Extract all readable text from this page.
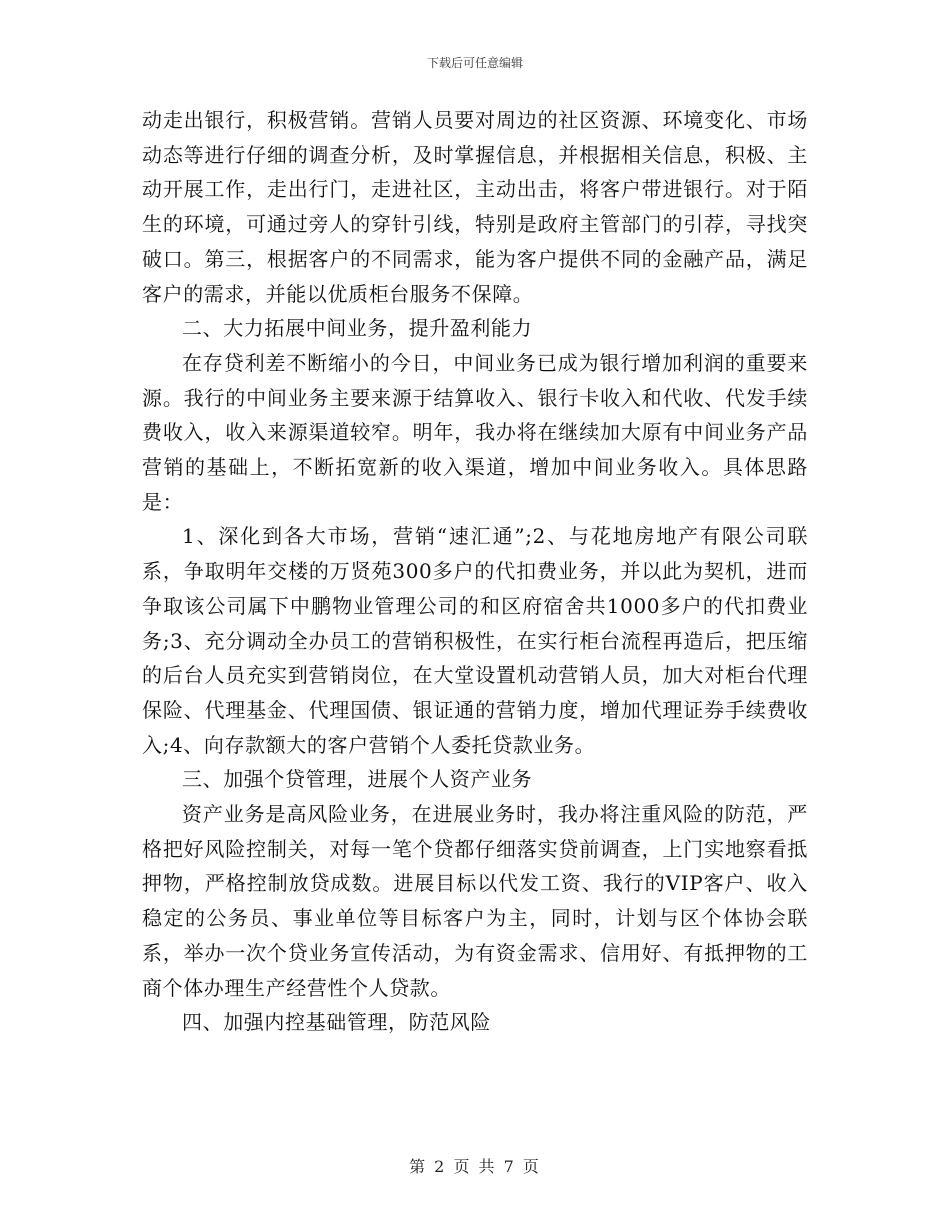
下载后可任意编辑

动走出银行，积极营销。营销人员要对周边的社区资源、环境变化、市场动态等进行仔细的调查分析，及时掌握信息，并根据相关信息，积极、主动开展工作，走出行门，走进社区，主动出击，将客户带进银行。对于陌生的环境，可通过旁人的穿针引线，特别是政府主管部门的引荐，寻找突破口。第三，根据客户的不同需求，能为客户提供不同的金融产品，满足客户的需求，并能以优质柜台服务不保障。

二、大力拓展中间业务，提升盈利能力

在存贷利差不断缩小的今日，中间业务已成为银行增加利润的重要来源。我行的中间业务主要来源于结算收入、银行卡收入和代收、代发手续费收入，收入来源渠道较窄。明年，我办将在继续加大原有中间业务产品营销的基础上，不断拓宽新的收入渠道，增加中间业务收入。具体思路是：

1、深化到各大市场，营销“速汇通”;2、与花地房地产有限公司联系，争取明年交楼的万贤苑300多户的代扣费业务，并以此为契机，进而争取该公司属下中鹏物业管理公司的和区府宿舍共1000多户的代扣费业务;3、充分调动全办员工的营销积极性，在实行柜台流程再造后，把压缩的后台人员充实到营销岗位，在大堂设置机动营销人员，加大对柜台代理保险、代理基金、代理国债、银证通的营销力度，增加代理证券手续费收入;4、向存款额大的客户营销个人委托贷款业务。

三、加强个贷管理，进展个人资产业务

资产业务是高风险业务，在进展业务时，我办将注重风险的防范，严格把好风险控制关，对每一笔个贷都仔细落实贷前调查，上门实地察看抵押物，严格控制放贷成数。进展目标以代发工资、我行的VIP客户、收入稳定的公务员、事业单位等目标客户为主，同时，计划与区个体协会联系，举办一次个贷业务宣传活动，为有资金需求、信用好、有抵押物的工商个体办理生产经营性个人贷款。

四、加强内控基础管理，防范风险

第 2 页 共 7 页
